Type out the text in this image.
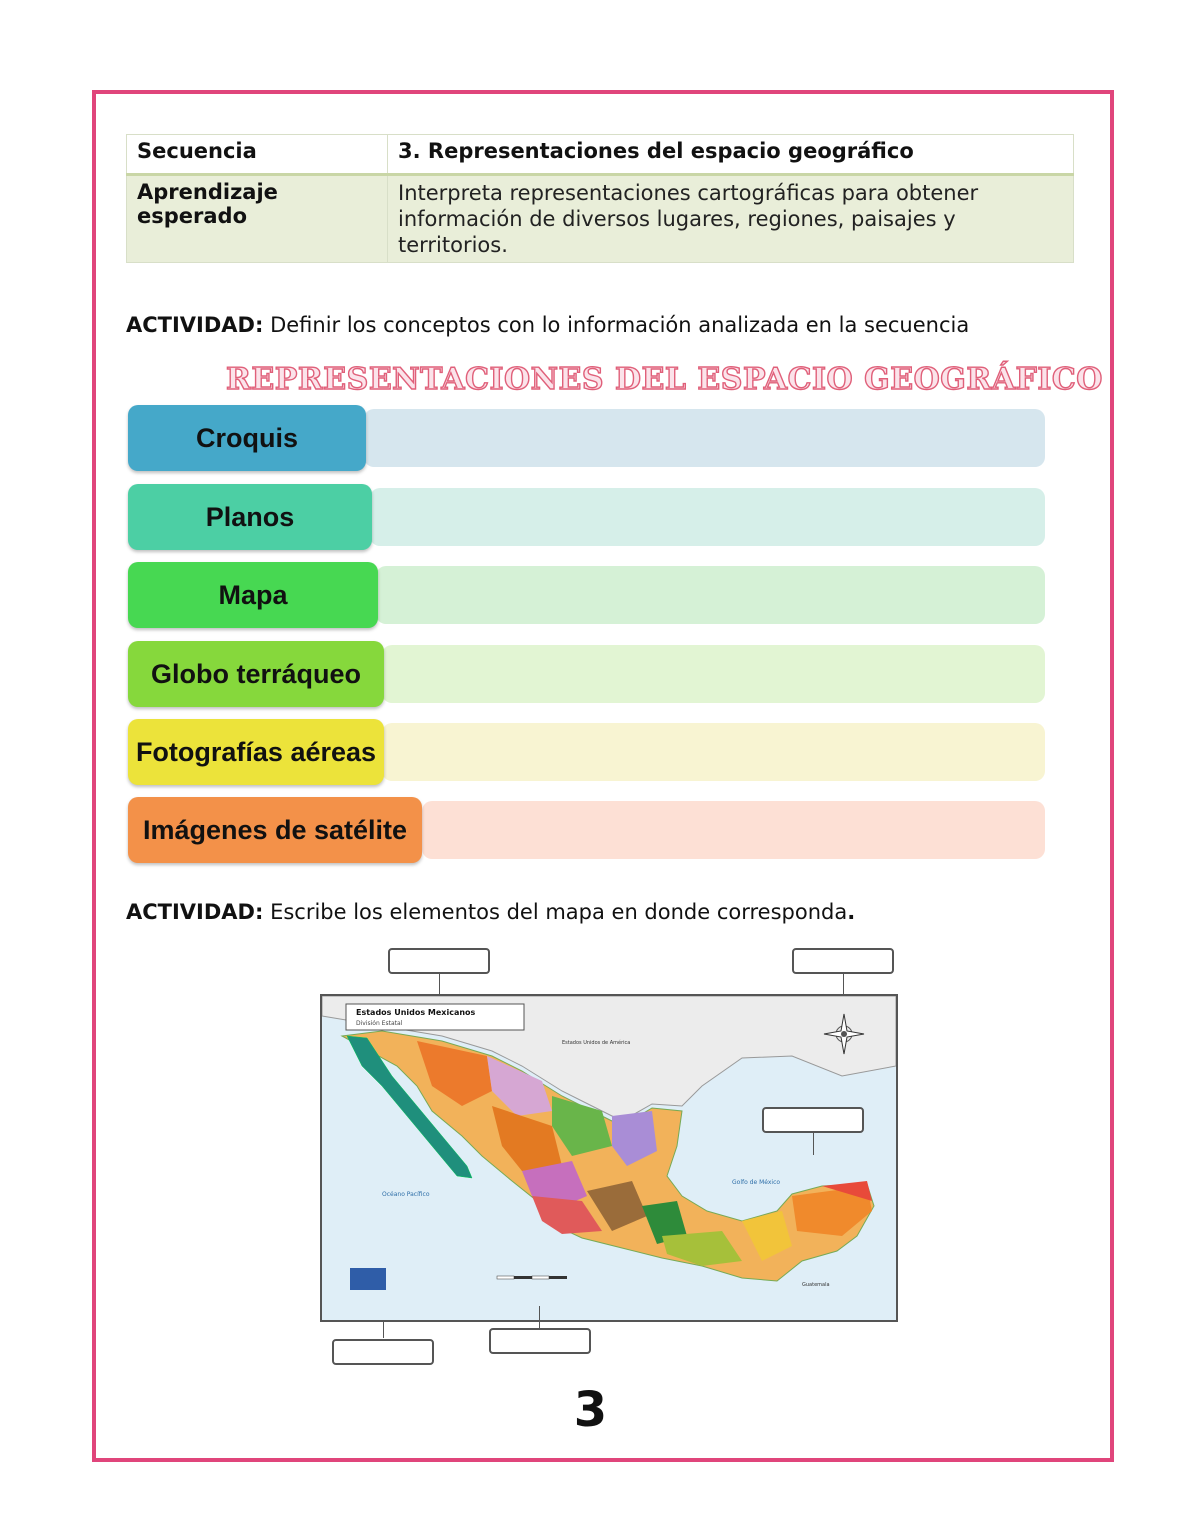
Secuencia	3. Representaciones del espacio geográfico

Aprendizaje
esperado	Interpreta representaciones cartográficas para obtener información de diversos lugares, regiones, paisajes y territorios.
ACTIVIDAD: Definir los conceptos con lo información analizada en la secuencia
REPRESENTACIONES DEL ESPACIO GEOGRÁFICO
Croquis
Planos
Mapa
Globo terráqueo
Fotografías aéreas
Imágenes de satélite
ACTIVIDAD: Escribe los elementos del mapa en donde corresponda.
Océano Pacífico
Golfo de México
Estados Unidos de América
Guatemala
Estados Unidos Mexicanos
División Estatal
3
